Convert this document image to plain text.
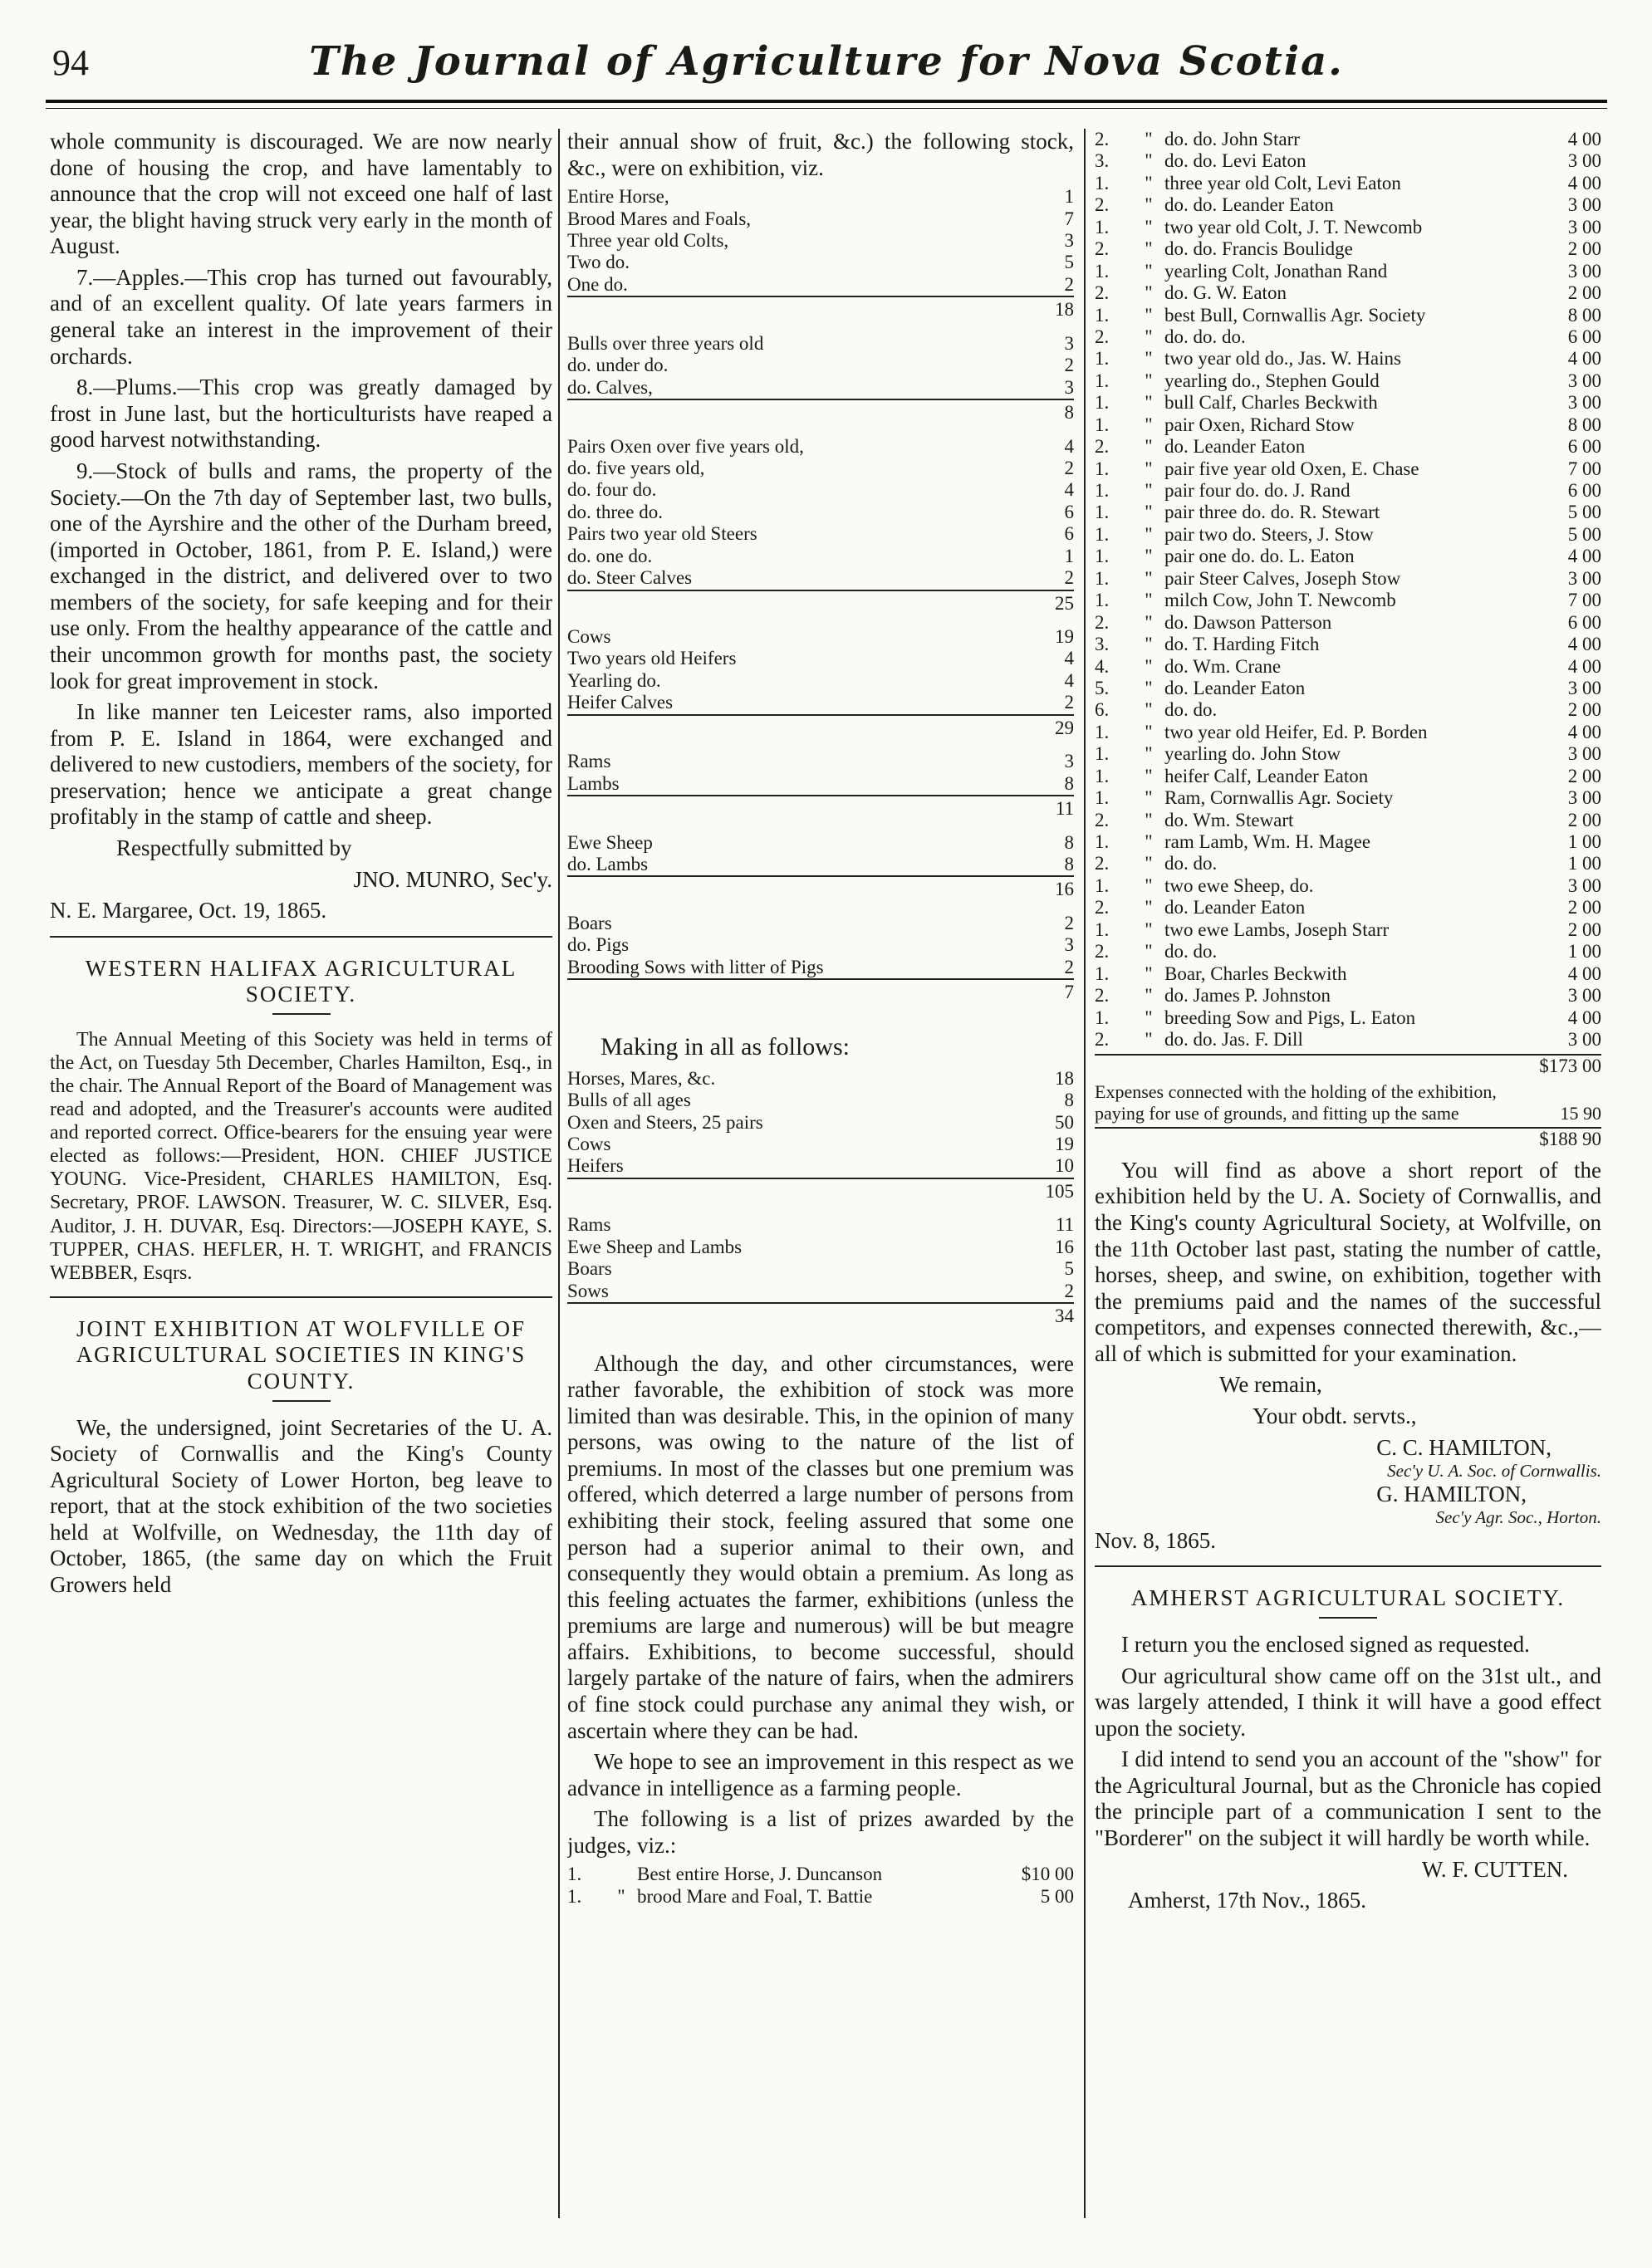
94	The Journal of Agriculture for Nova Scotia.

whole community is discouraged. We are now nearly done of housing the crop, and have lamentably to announce that the crop will not exceed one half of last year, the blight having struck very early in the month of August.

7.—Apples.—This crop has turned out favourably, and of an excellent quality. Of late years farmers in general take an interest in the improvement of their orchards.

8.—Plums.—This crop was greatly damaged by frost in June last, but the horticulturists have reaped a good harvest notwithstanding.

9.—Stock of bulls and rams, the property of the Society.—On the 7th day of September last, two bulls, one of the Ayrshire and the other of the Durham breed, (imported in October, 1861, from P. E. Island,) were exchanged in the district, and delivered over to two members of the society, for safe keeping and for their use only. From the healthy appearance of the cattle and their uncommon growth for months past, the society look for great improvement in stock.

In like manner ten Leicester rams, also imported from P. E. Island in 1864, were exchanged and delivered to new custodiers, members of the society, for preservation; hence we anticipate a great change profitably in the stamp of cattle and sheep.

Respectfully submitted by

JNO. MUNRO, Sec'y.

N. E. Margaree, Oct. 19, 1865.

WESTERN HALIFAX AGRICULTURAL SOCIETY.

The Annual Meeting of this Society was held in terms of the Act, on Tuesday 5th December, Charles Hamilton, Esq., in the chair. The Annual Report of the Board of Management was read and adopted, and the Treasurer's accounts were audited and reported correct. Office-bearers for the ensuing year were elected as follows:—President, HON. CHIEF JUSTICE YOUNG. Vice-President, CHARLES HAMILTON, Esq. Secretary, PROF. LAWSON. Treasurer, W. C. SILVER, Esq. Auditor, J. H. DUVAR, Esq. Directors:—JOSEPH KAYE, S. TUPPER, CHAS. HEFLER, H. T. WRIGHT, and FRANCIS WEBBER, Esqrs.

JOINT EXHIBITION AT WOLFVILLE OF AGRICULTURAL SOCIETIES IN KING'S COUNTY.

We, the undersigned, joint Secretaries of the U. A. Society of Cornwallis and the King's County Agricultural Society of Lower Horton, beg leave to report, that at the stock exhibition of the two societies held at Wolfville, on Wednesday, the 11th day of October, 1865, (the same day on which the Fruit Growers held

their annual show of fruit, &c.) the following stock, &c., were on exhibition, viz.

Entire Horse,	1
Brood Mares and Foals,	7
Three year old Colts,	3
Two do.	5
One do.	2
18	

Bulls over three years old	3
do. under do.	2
do. Calves,	3
8	

Pairs Oxen over five years old,	4
do. five years old,	2
do. four do.	4
do. three do.	6
Pairs two year old Steers	6
do. one do.	1
do. Steer Calves	2
25	

Cows	19
Two years old Heifers	4
Yearling do.	4
Heifer Calves	2
29	

Rams	3
Lambs	8
11	

Ewe Sheep	8
do. Lambs	8
16	

Boars	2
do. Pigs	3
Brooding Sows with litter of Pigs	2
7	

Making in all as follows:
Horses, Mares, &c.	18
Bulls of all ages	8
Oxen and Steers, 25 pairs	50
Cows	19
Heifers	10
105	

Rams	11
Ewe Sheep and Lambs	16
Boars	5
Sows	2
34	

Although the day, and other circumstances, were rather favorable, the exhibition of stock was more limited than was desirable. This, in the opinion of many persons, was owing to the nature of the list of premiums. In most of the classes but one premium was offered, which deterred a large number of persons from exhibiting their stock, feeling assured that some one person had a superior animal to their own, and consequently they would obtain a premium. As long as this feeling actuates the farmer, exhibitions (unless the premiums are large and numerous) will be but meagre affairs. Exhibitions, to become successful, should largely partake of the nature of fairs, when the admirers of fine stock could purchase any animal they wish, or ascertain where they can be had.

We hope to see an improvement in this respect as we advance in intelligence as a farming people.

The following is a list of prizes awarded by the judges, viz.:

1.		Best entire Horse, J. Duncanson	$10 00
1.	"	brood Mare and Foal, T. Battie	5 00
2.	"	do. do. John Starr	4 00
3.	"	do. do. Levi Eaton	3 00
1.	"	three year old Colt, Levi Eaton	4 00
2.	"	do. do. Leander Eaton	3 00
1.	"	two year old Colt, J. T. Newcomb	3 00
2.	"	do. do. Francis Boulidge	2 00
1.	"	yearling Colt, Jonathan Rand	3 00
2.	"	do. G. W. Eaton	2 00
1.	"	best Bull, Cornwallis Agr. Society	8 00
2.	"	do. do. do.	6 00
1.	"	two year old do., Jas. W. Hains	4 00
1.	"	yearling do., Stephen Gould	3 00
1.	"	bull Calf, Charles Beckwith	3 00
1.	"	pair Oxen, Richard Stow	8 00
2.	"	do. Leander Eaton	6 00
1.	"	pair five year old Oxen, E. Chase	7 00
1.	"	pair four do. do. J. Rand	6 00
1.	"	pair three do. do. R. Stewart	5 00
1.	"	pair two do. Steers, J. Stow	5 00
1.	"	pair one do. do. L. Eaton	4 00
1.	"	pair Steer Calves, Joseph Stow	3 00
1.	"	milch Cow, John T. Newcomb	7 00
2.	"	do. Dawson Patterson	6 00
3.	"	do. T. Harding Fitch	4 00
4.	"	do. Wm. Crane	4 00
5.	"	do. Leander Eaton	3 00
6.	"	do. do.	2 00
1.	"	two year old Heifer, Ed. P. Borden	4 00
1.	"	yearling do. John Stow	3 00
1.	"	heifer Calf, Leander Eaton	2 00
1.	"	Ram, Cornwallis Agr. Society	3 00
2.	"	do. Wm. Stewart	2 00
1.	"	ram Lamb, Wm. H. Magee	1 00
2.	"	do. do.	1 00
1.	"	two ewe Sheep, do.	3 00
2.	"	do. Leander Eaton	2 00
1.	"	two ewe Lambs, Joseph Starr	2 00
2.	"	do. do.	1 00
1.	"	Boar, Charles Beckwith	4 00
2.	"	do. James P. Johnston	3 00
1.	"	breeding Sow and Pigs, L. Eaton	4 00
2.	"	do. do. Jas. F. Dill	3 00
$173 00
Expenses connected with the holding of the exhibition, paying for use of grounds, and fitting up the same	15 90
$188 90

You will find as above a short report of the exhibition held by the U. A. Society of Cornwallis, and the King's county Agricultural Society, at Wolfville, on the 11th October last past, stating the number of cattle, horses, sheep, and swine, on exhibition, together with the premiums paid and the names of the successful competitors, and expenses connected therewith, &c.,—all of which is submitted for your examination.

We remain,

Your obdt. servts.,

C. C. HAMILTON,
Sec'y U. A. Soc. of Cornwallis.
G. HAMILTON,
Sec'y Agr. Soc., Horton.

Nov. 8, 1865.

AMHERST AGRICULTURAL SOCIETY.

I return you the enclosed signed as requested.

Our agricultural show came off on the 31st ult., and was largely attended, I think it will have a good effect upon the society.

I did intend to send you an account of the "show" for the Agricultural Journal, but as the Chronicle has copied the principle part of a communication I sent to the "Borderer" on the subject it will hardly be worth while.

W. F. CUTTEN.

Amherst, 17th Nov., 1865.
